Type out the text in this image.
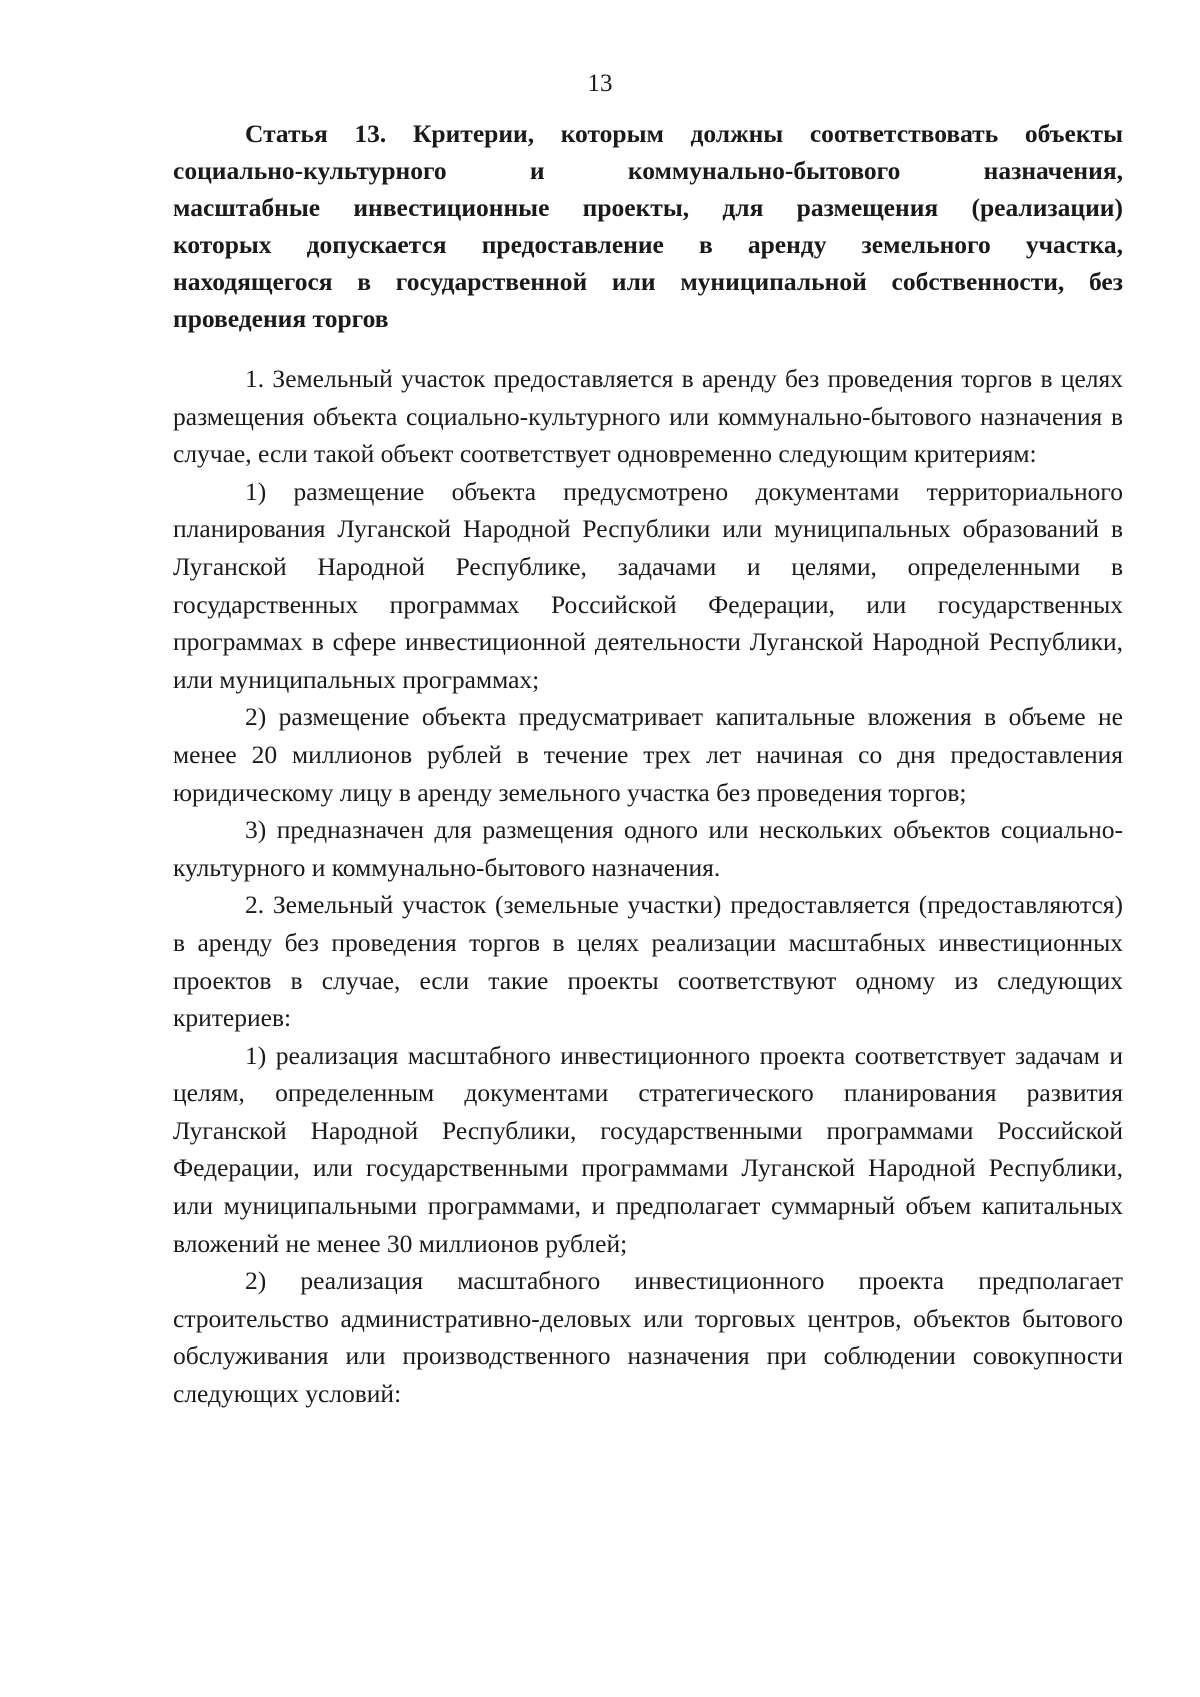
13
Статья 13. Критерии, которым должны соответствовать объекты
социально-культурного и коммунально-бытового назначения,
масштабные инвестиционные проекты, для размещения (реализации)
которых допускается предоставление в аренду земельного участка,
находящегося в государственной или муниципальной собственности, без
проведения торгов

1. Земельный участок предоставляется в аренду без проведения торгов в целях размещения объекта социально-культурного или коммунально-бытового назначения в случае, если такой объект соответствует одновременно следующим критериям:

1) размещение объекта предусмотрено документами территориального планирования Луганской Народной Республики или муниципальных образований в Луганской Народной Республике, задачами и целями, определенными в государственных программах Российской Федерации, или государственных программах в сфере инвестиционной деятельности Луганской Народной Республики, или муниципальных программах;

2) размещение объекта предусматривает капитальные вложения в объеме не менее 20 миллионов рублей в течение трех лет начиная со дня предоставления юридическому лицу в аренду земельного участка без проведения торгов;

3) предназначен для размещения одного или нескольких объектов социально-культурного и коммунально-бытового назначения.

2. Земельный участок (земельные участки) предоставляется (предоставляются) в аренду без проведения торгов в целях реализации масштабных инвестиционных проектов в случае, если такие проекты соответствуют одному из следующих критериев:

1) реализация масштабного инвестиционного проекта соответствует задачам и целям, определенным документами стратегического планирования развития Луганской Народной Республики, государственными программами Российской Федерации, или государственными программами Луганской Народной Республики, или муниципальными программами, и предполагает суммарный объем капитальных вложений не менее 30 миллионов рублей;

2) реализация масштабного инвестиционного проекта предполагает строительство административно-деловых или торговых центров, объектов бытового обслуживания или производственного назначения при соблюдении совокупности следующих условий:
